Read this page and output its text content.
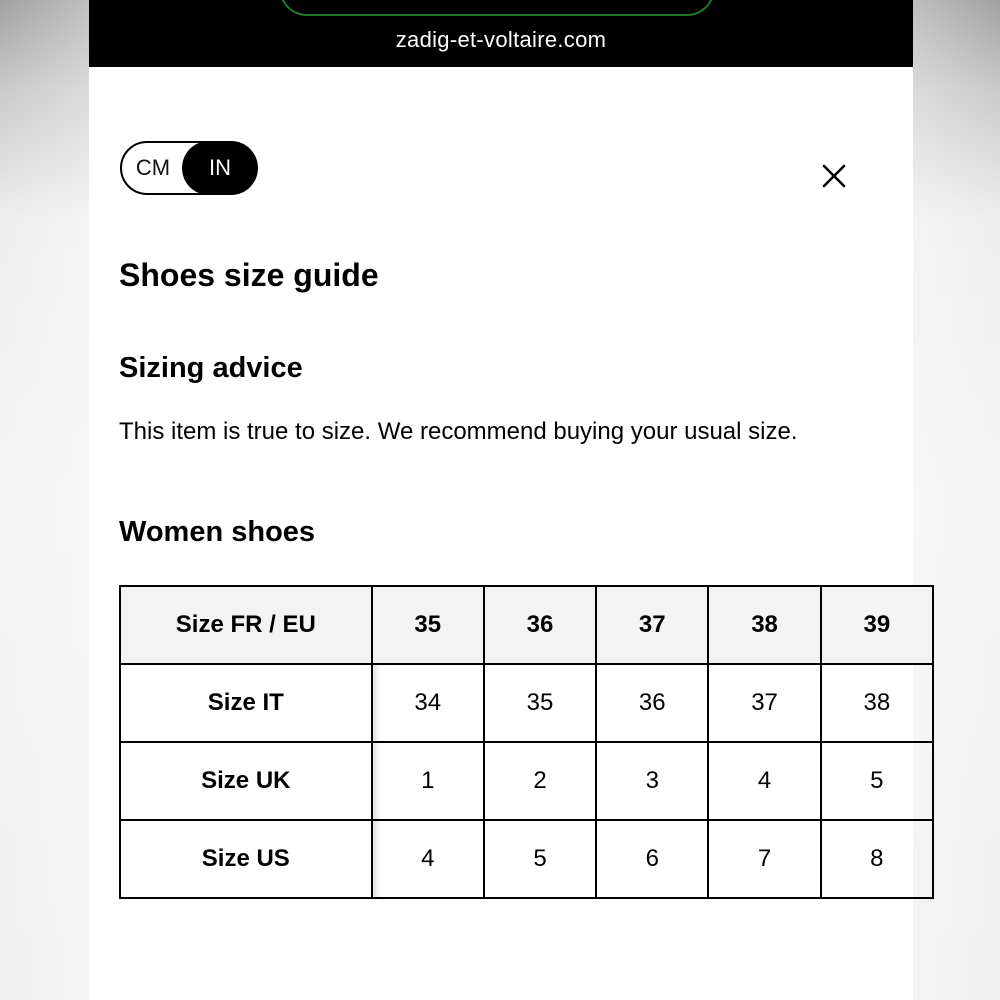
zadig-et-voltaire.com
CM	IN
Shoes size guide
Sizing advice

This item is true to size. We recommend buying your usual size.

Women shoes
Size FR / EU	35	36	37	38	39
Size IT	34	35	36	37	38
Size UK	1	2	3	4	5
Size US	4	5	6	7	8
